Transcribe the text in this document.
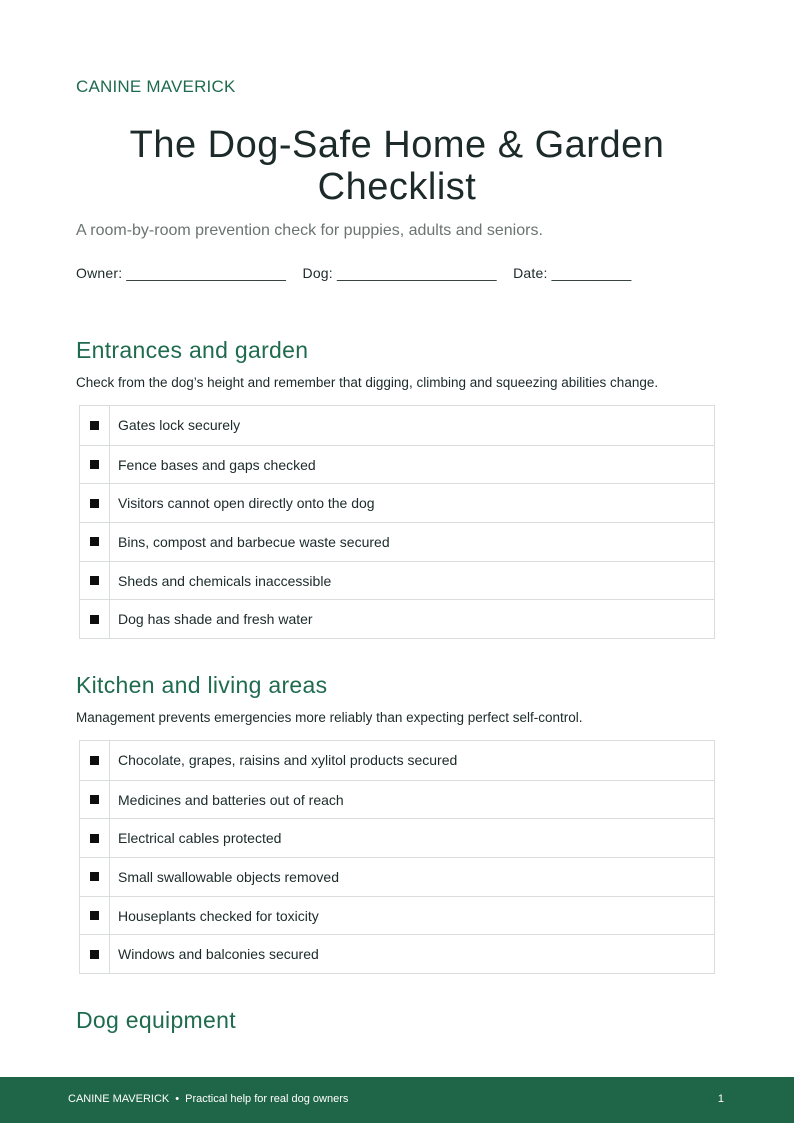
CANINE MAVERICK
The Dog-Safe Home & Garden
Checklist
A room-by-room prevention check for puppies, adults and seniors.
Owner: ____________________ Dog: ____________________ Date: __________
Entrances and garden
Check from the dog’s height and remember that digging, climbing and squeezing abilities change.
Gates lock securely
Fence bases and gaps checked
Visitors cannot open directly onto the dog
Bins, compost and barbecue waste secured
Sheds and chemicals inaccessible
Dog has shade and fresh water
Kitchen and living areas
Management prevents emergencies more reliably than expecting perfect self-control.
Chocolate, grapes, raisins and xylitol products secured
Medicines and batteries out of reach
Electrical cables protected
Small swallowable objects removed
Houseplants checked for toxicity
Windows and balconies secured
Dog equipment
CANINE MAVERICK • Practical help for real dog owners	1
